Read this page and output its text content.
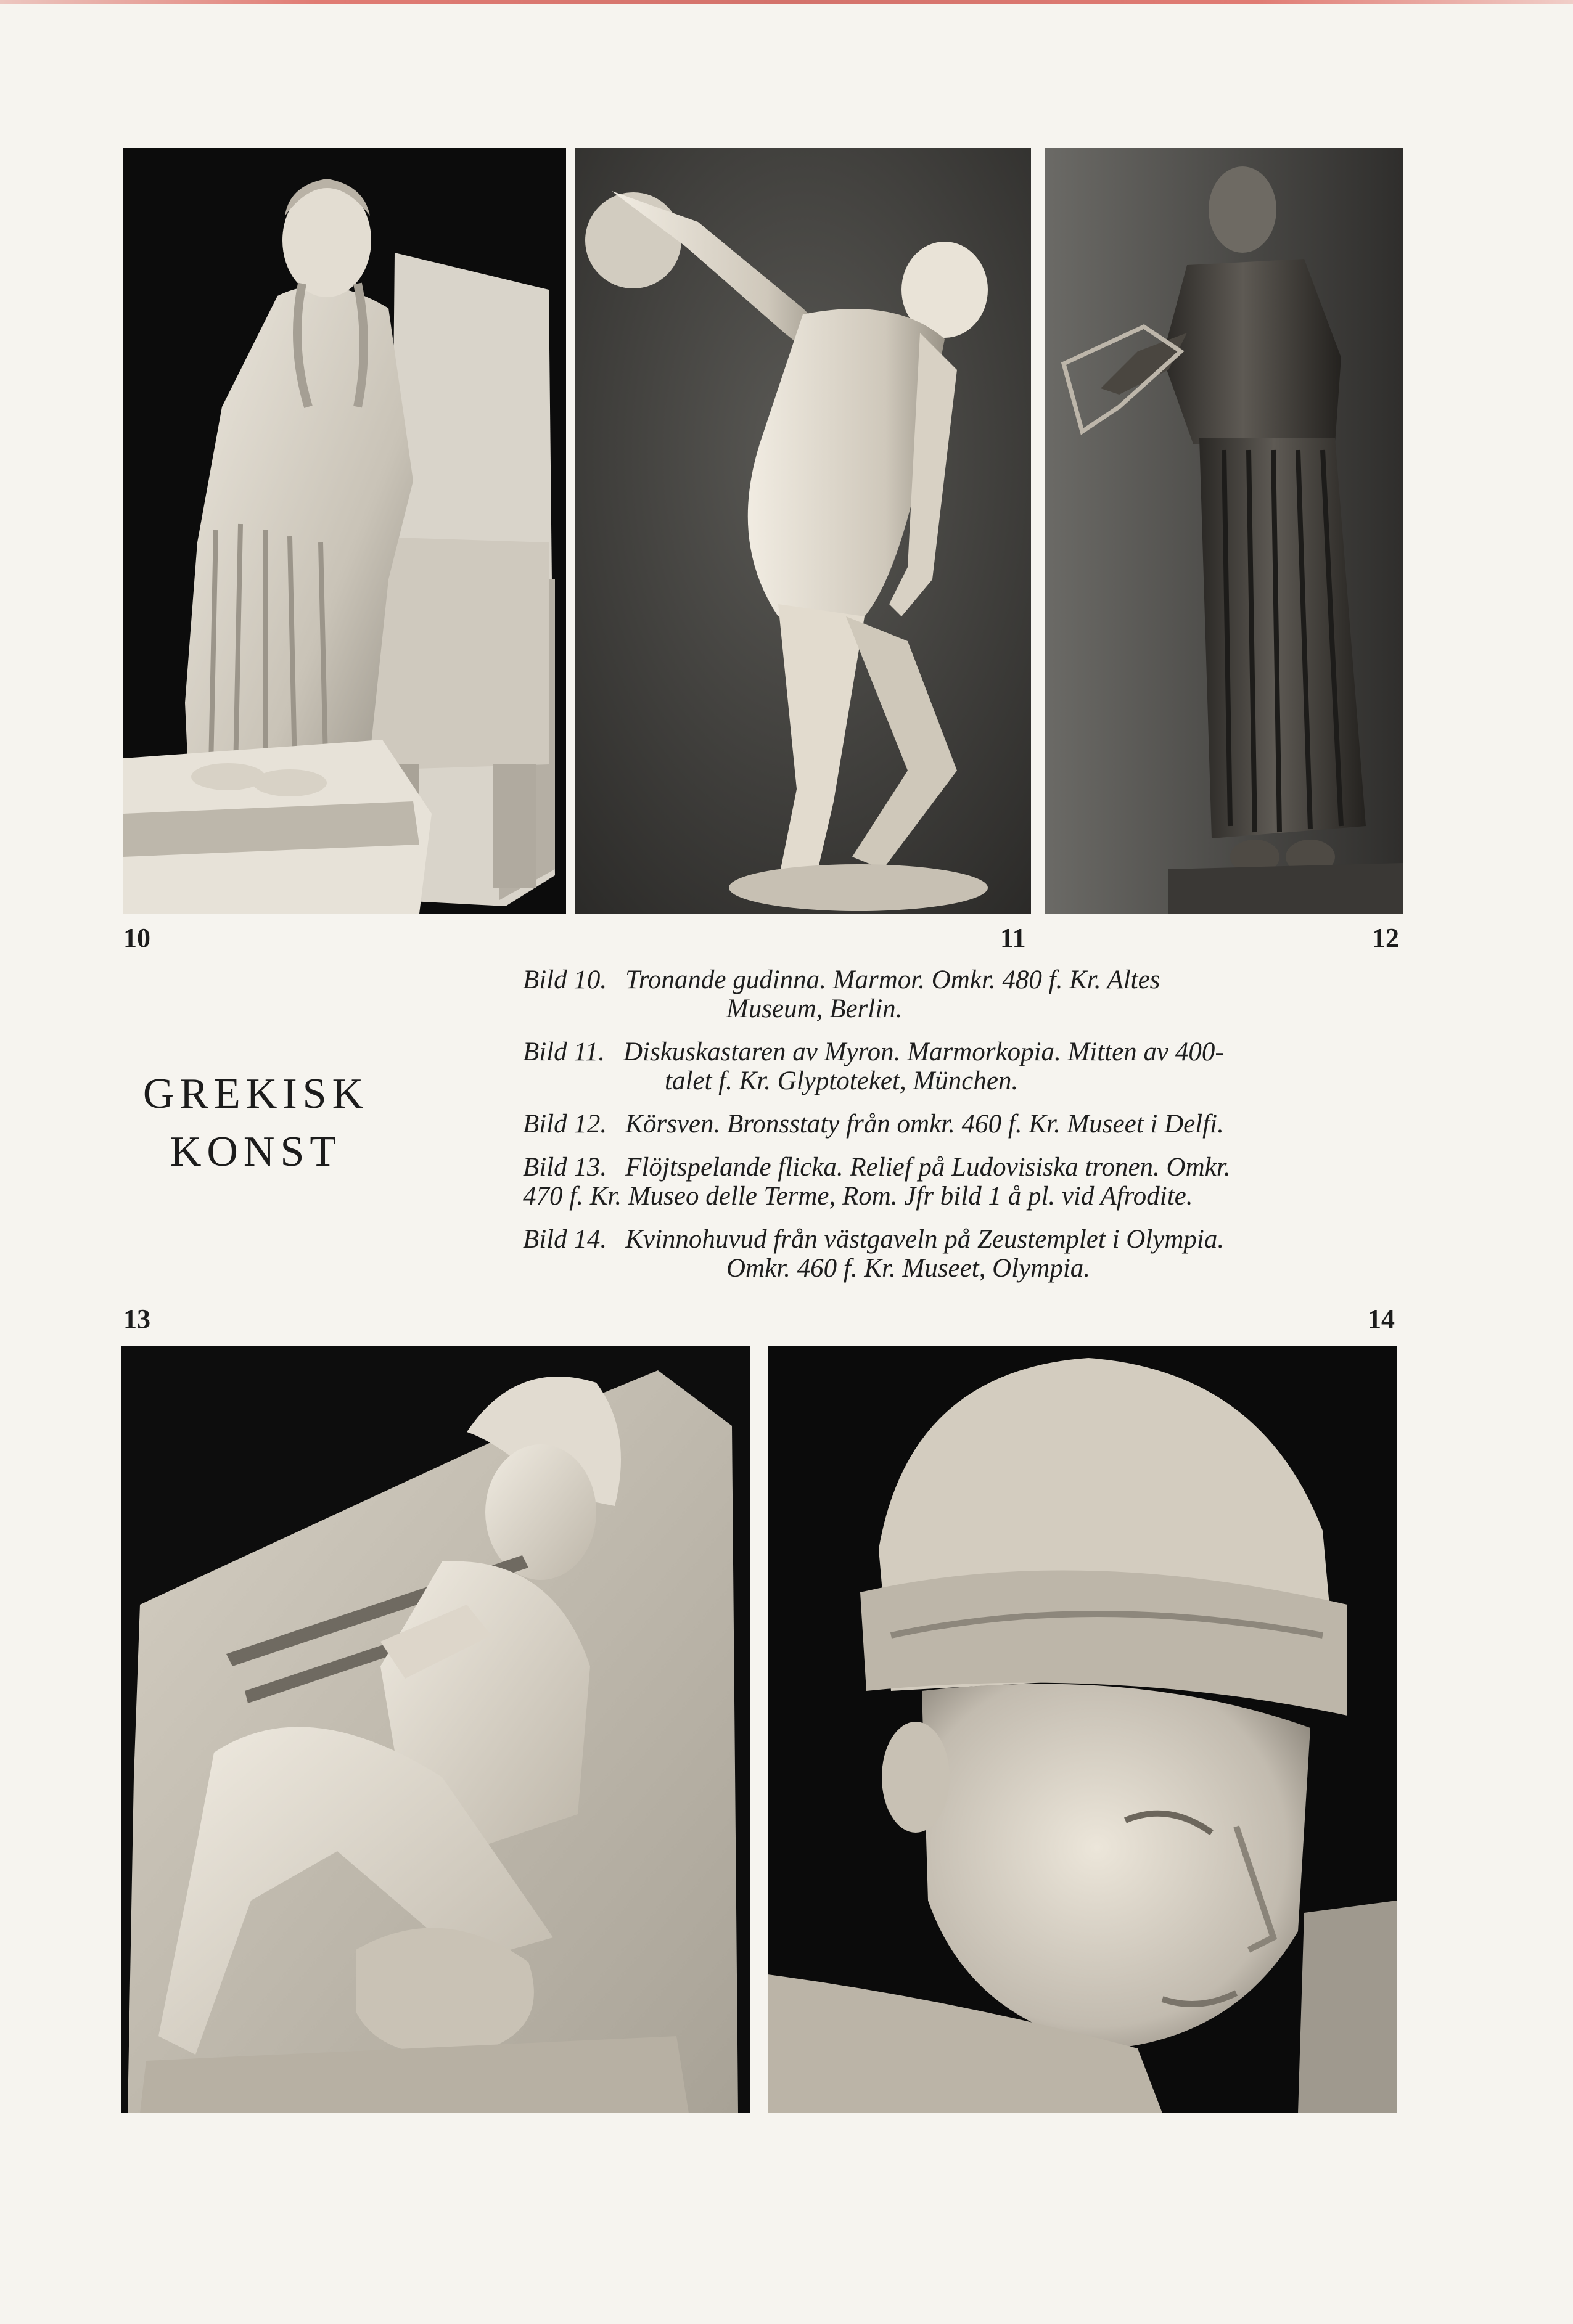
10	11	12
GREKISK
KONST
Bild 10. Tronande gudinna. Marmor. Omkr. 480 f. Kr. Altes
Museum, Berlin.
Bild 11. Diskuskastaren av Myron. Marmorkopia. Mitten av 400-
talet f. Kr. Glyptoteket, München.
Bild 12. Körsven. Bronsstaty från omkr. 460 f. Kr. Museet i Delfi.
Bild 13. Flöjtspelande flicka. Relief på Ludovisiska tronen. Omkr.
470 f. Kr. Museo delle Terme, Rom. Jfr bild 1 å pl. vid Afrodite.
Bild 14. Kvinnohuvud från västgaveln på Zeustemplet i Olympia.
Omkr. 460 f. Kr. Museet, Olympia.
13	14
